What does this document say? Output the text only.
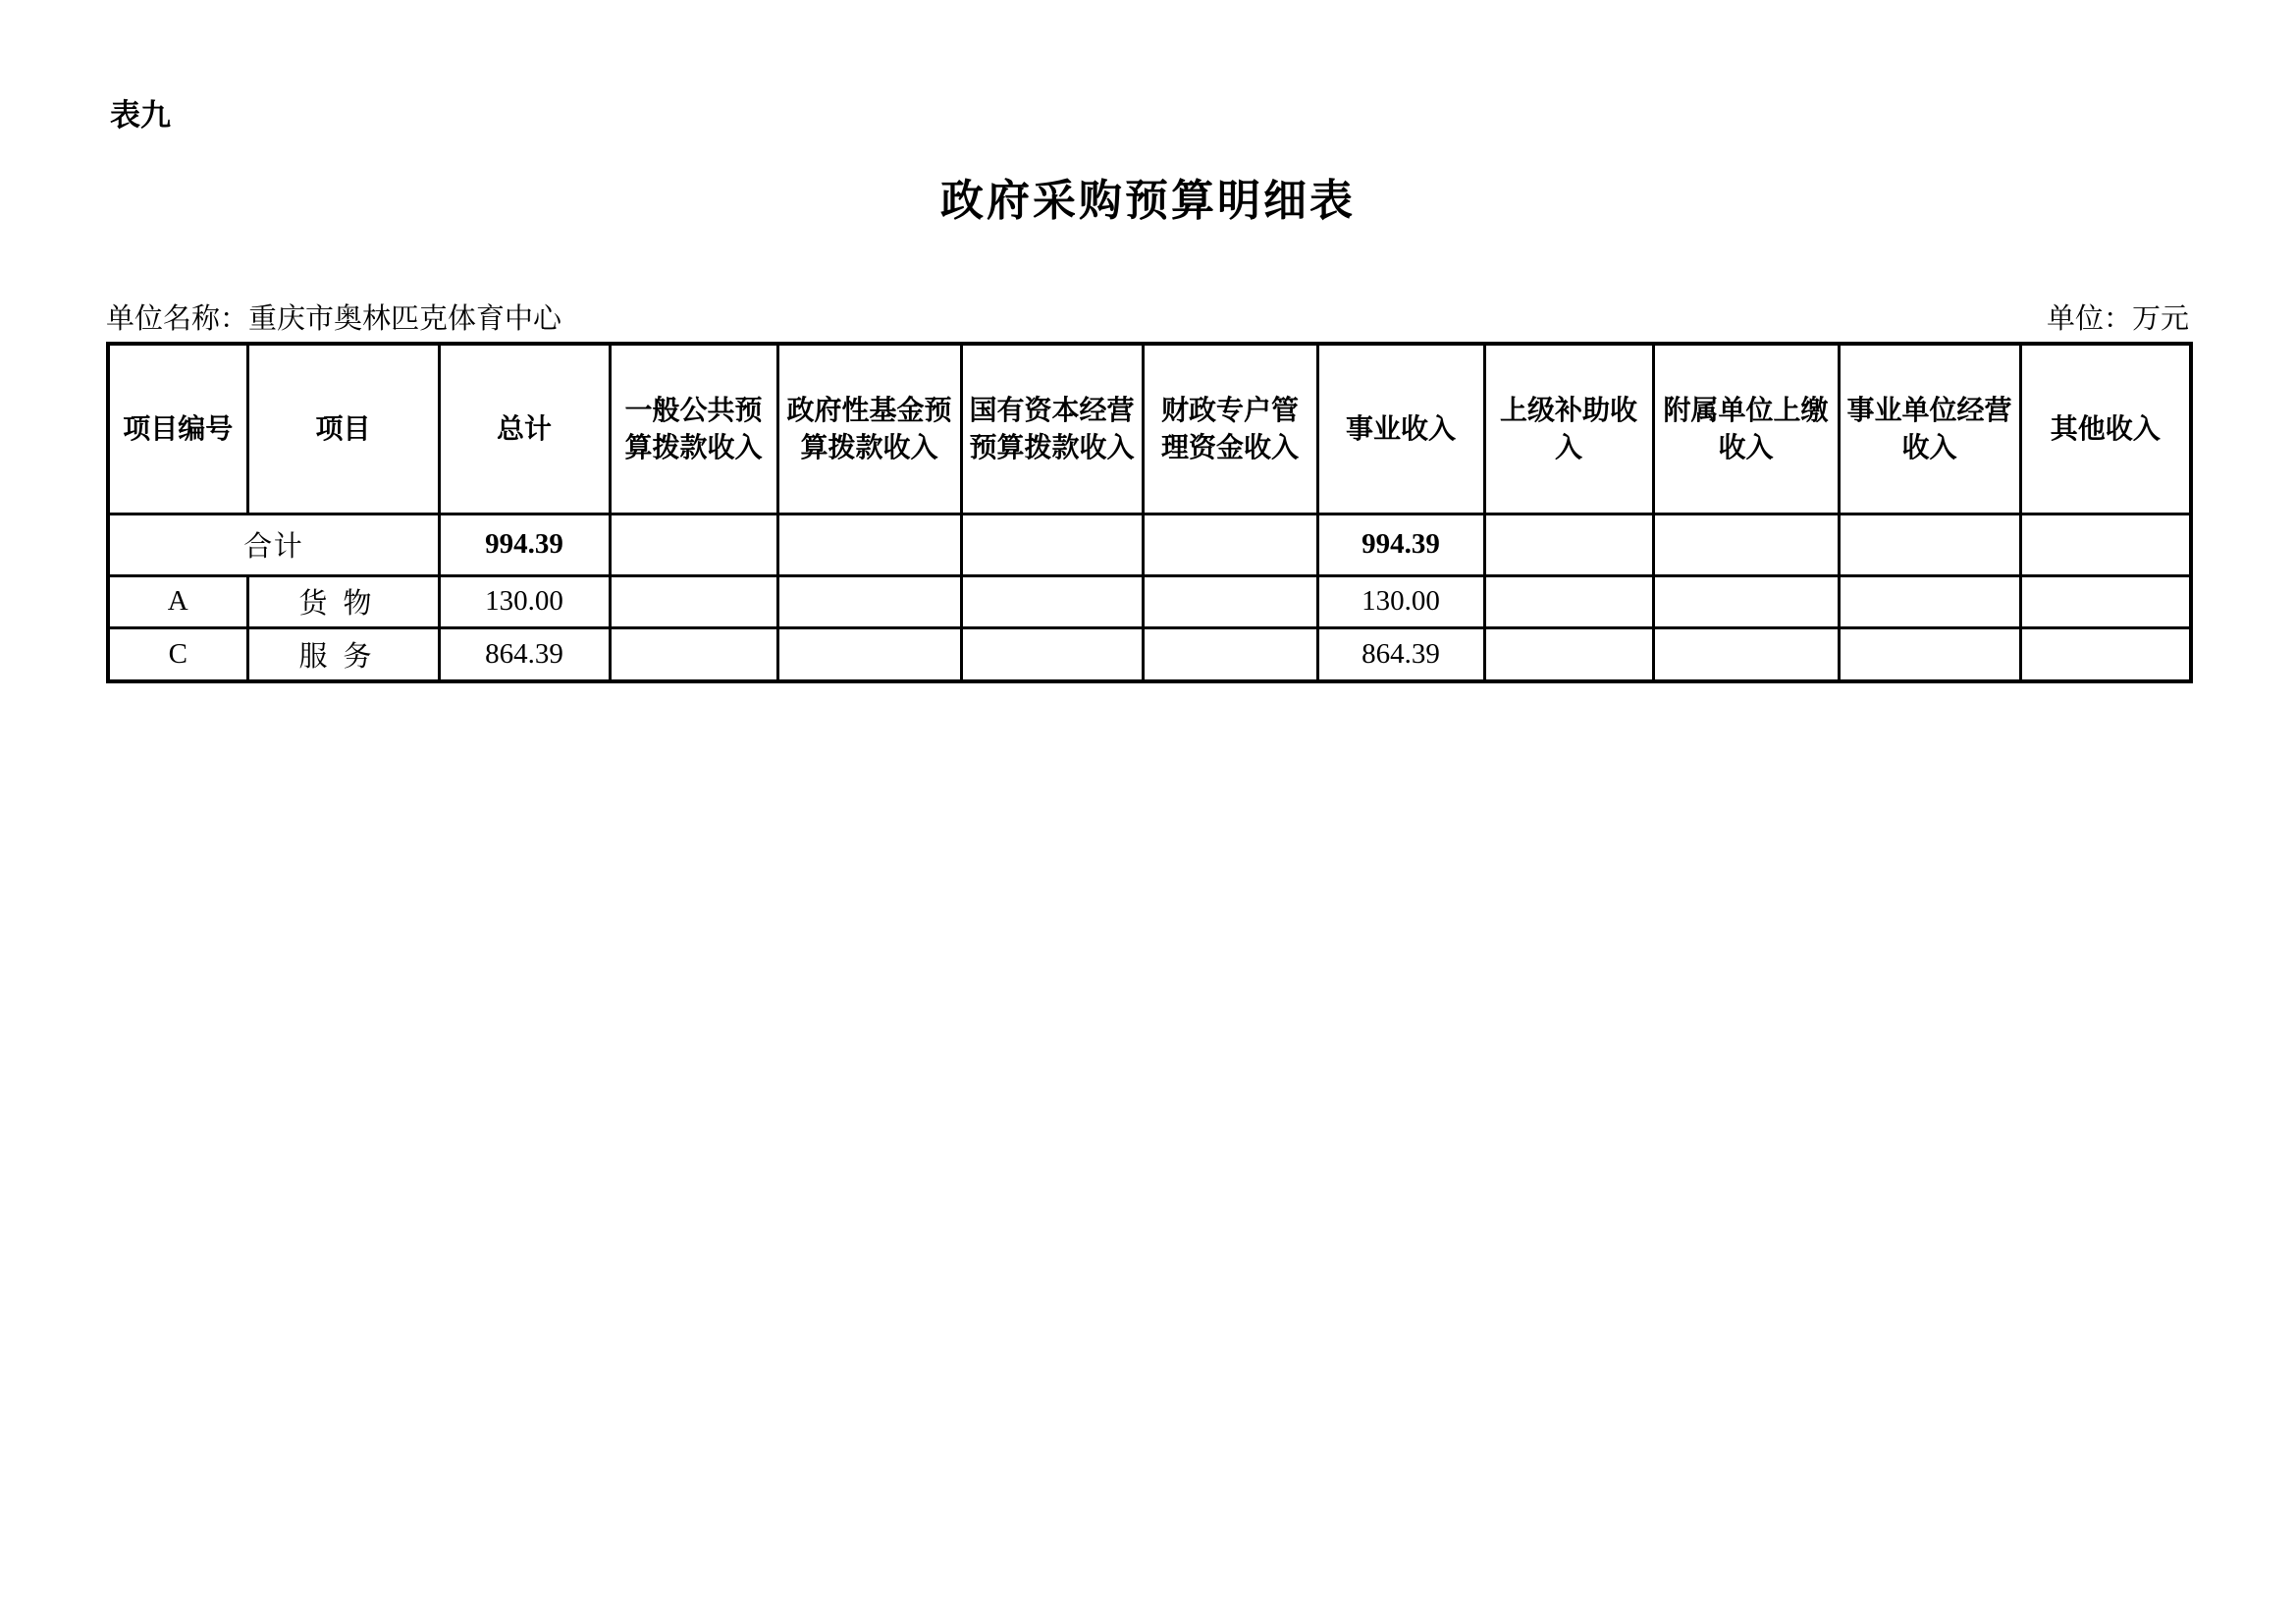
表九
政府采购预算明细表
单位名称：重庆市奥林匹克体育中心	单位：万元
项目编号	项目	总计	一般公共预算拨款收入	政府性基金预算拨款收入	国有资本经营预算拨款收入	财政专户管理资金收入	事业收入	上级补助收入	附属单位上缴收入	事业单位经营收入	其他收入
合计		994.39					994.39				
A	货物	130.00					130.00				
C	服务	864.39					864.39				
